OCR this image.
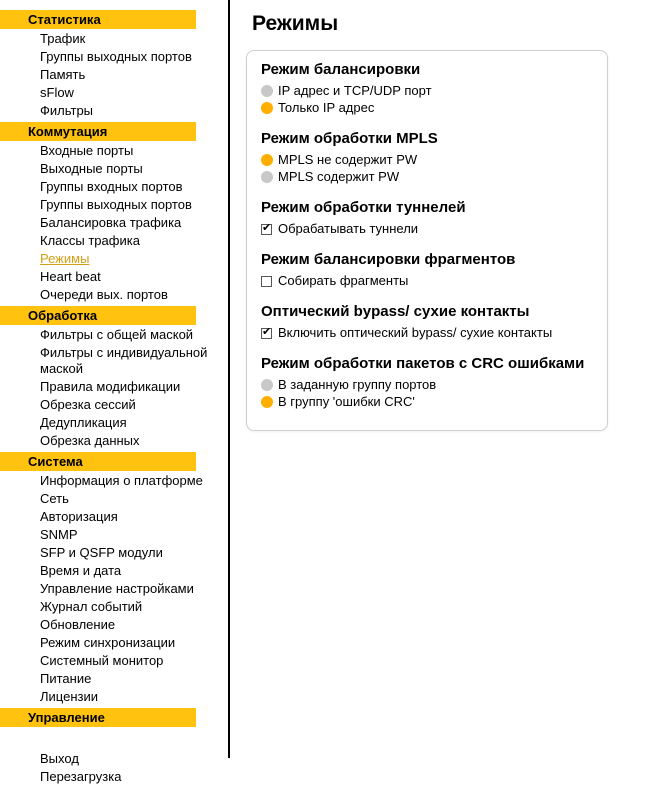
Статистика
Трафик
Группы выходных портов
Память
sFlow
Фильтры
Коммутация
Входные порты
Выходные порты
Группы входных портов
Группы выходных портов
Балансировка трафика
Классы трафика
Режимы
Heart beat
Очереди вых. портов
Обработка
Фильтры с общей маской
Фильтры с индивидуальной маской
Правила модификации
Обрезка сессий
Дедупликация
Обрезка данных
Система
Информация о платформе
Сеть
Авторизация
SNMP
SFP и QSFP модули
Время и дата
Управление настройками
Журнал событий
Обновление
Режим синхронизации
Системный монитор
Питание
Лицензии
Управление
Выход
Перезагрузка
Режимы
Режим балансировки
IP адрес и TCP/UDP порт
Только IP адрес
Режим обработки MPLS
MPLS не содержит PW
MPLS содержит PW
Режим обработки туннелей
✔
Обрабатывать туннели
Режим балансировки фрагментов
Собирать фрагменты
Оптический bypass/ сухие контакты
✔
Включить оптический bypass/ сухие контакты
Режим обработки пакетов с CRC ошибками
В заданную группу портов
В группу 'ошибки CRC'
